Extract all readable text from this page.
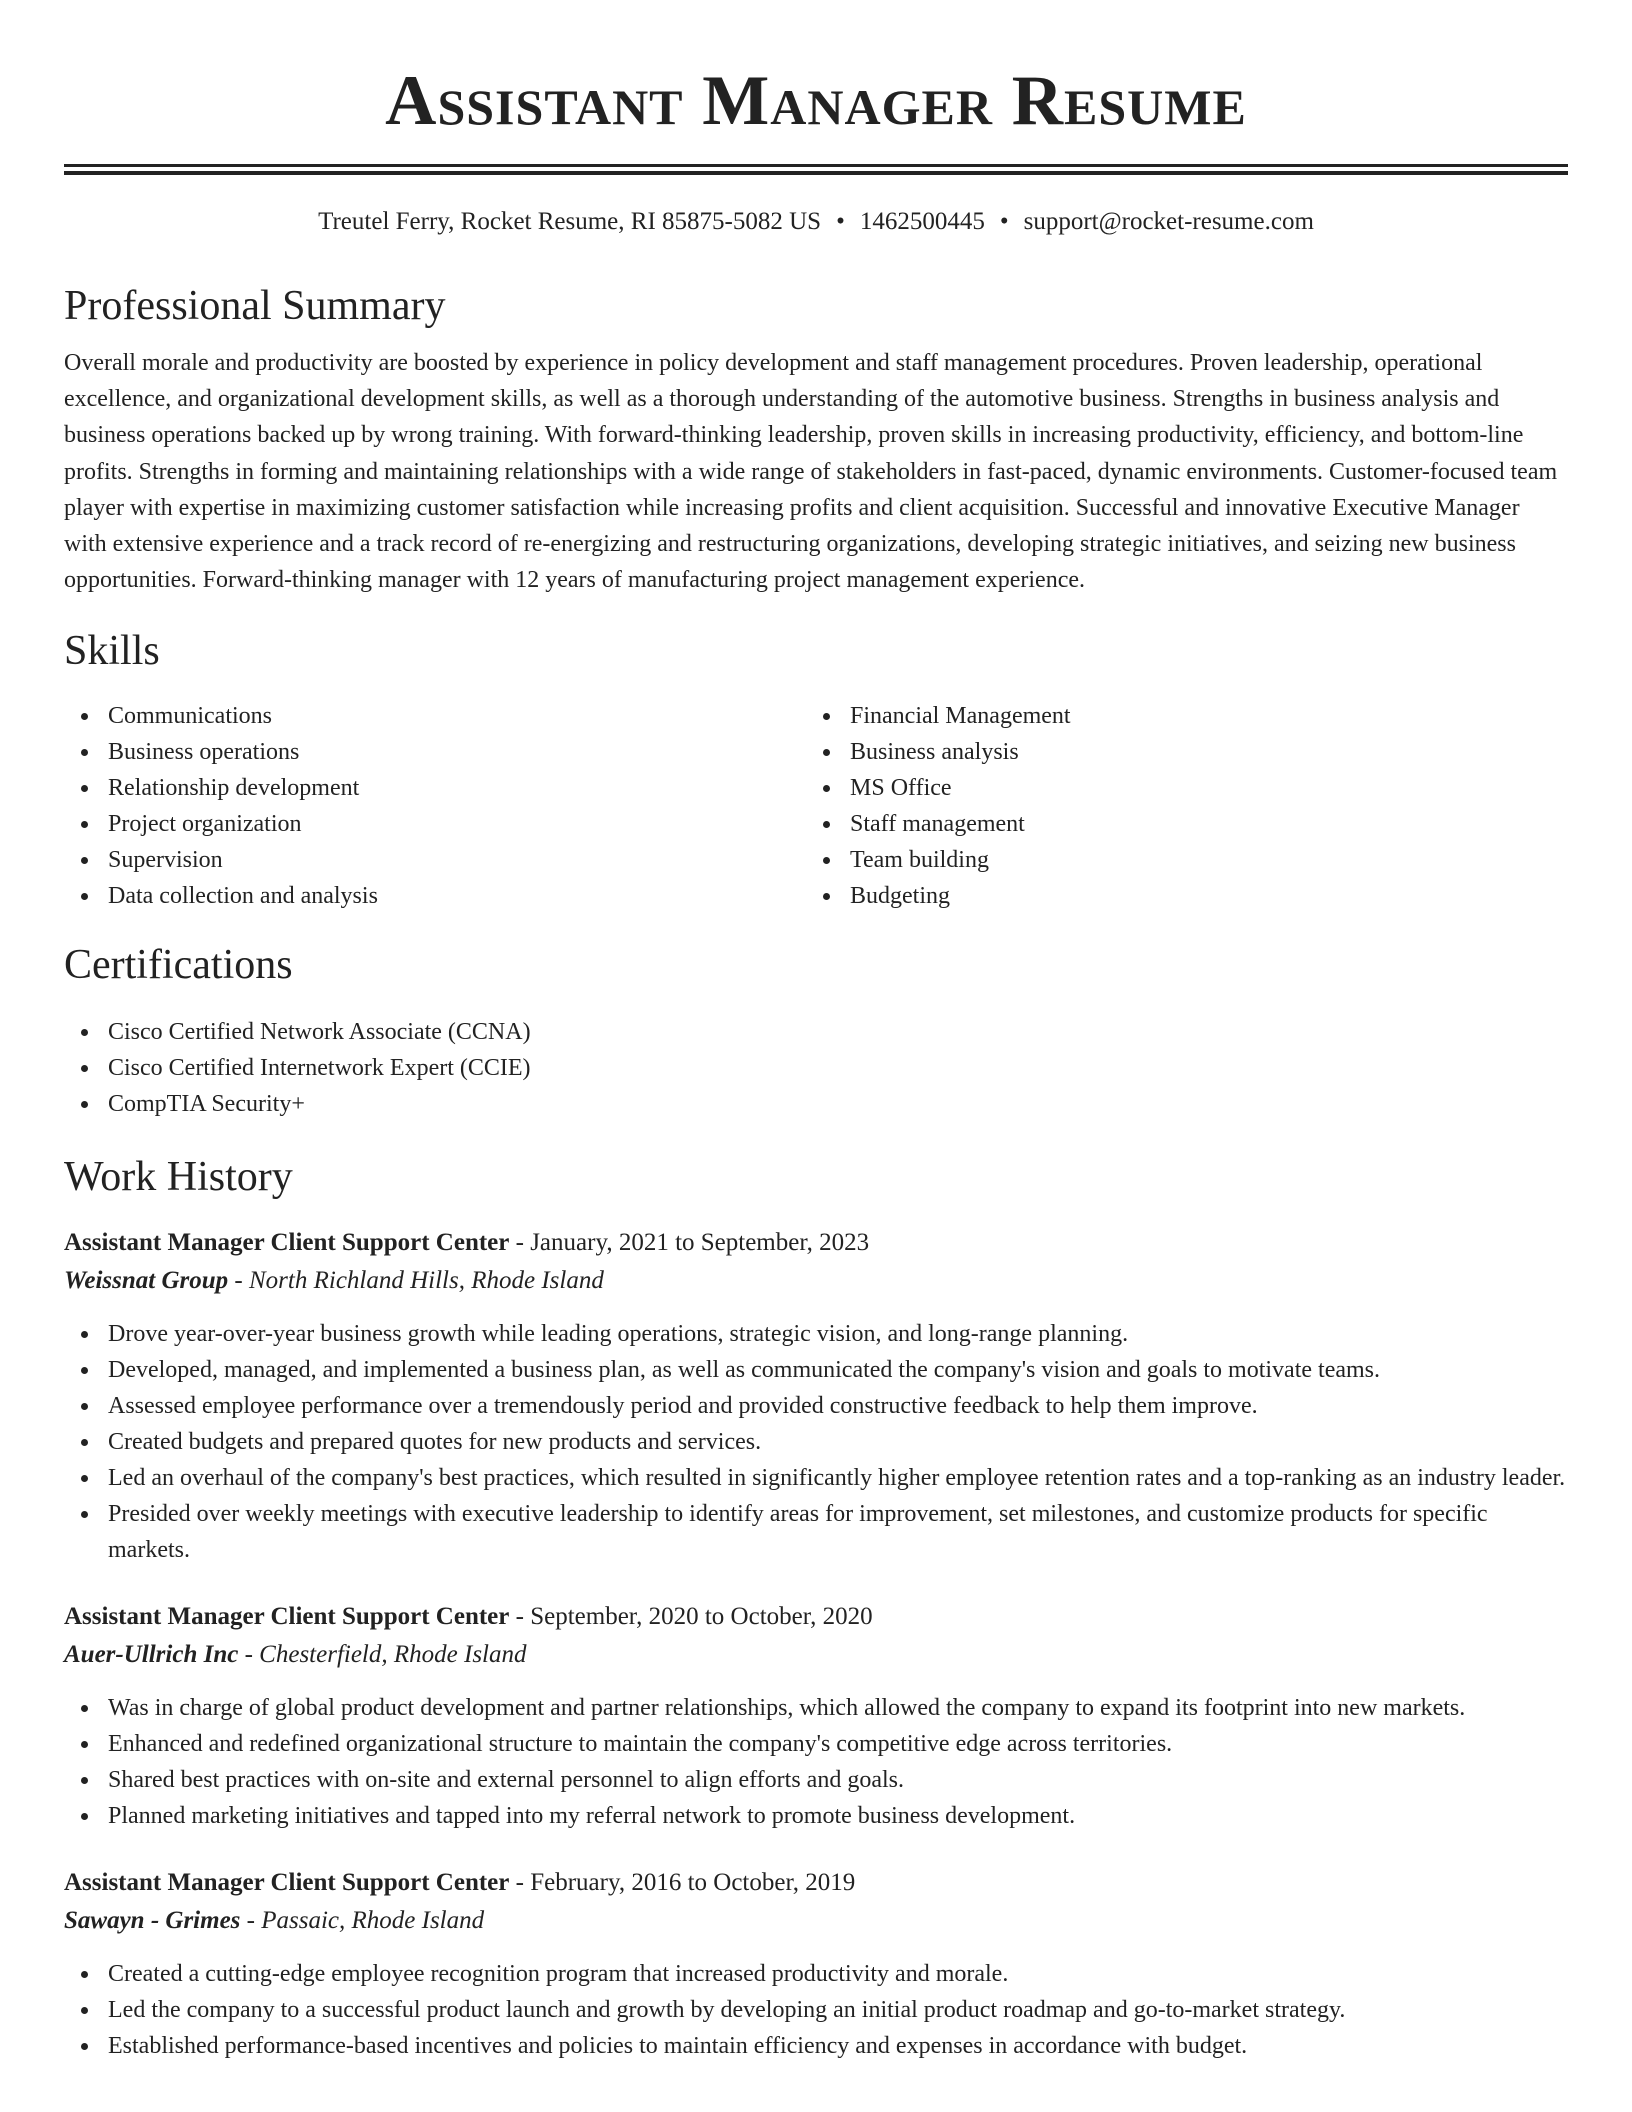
Assistant Manager Resume
Treutel Ferry, Rocket Resume, RI 85875-5082 US • 1462500445 • support@rocket-resume.com
Professional Summary

Overall morale and productivity are boosted by experience in policy development and staff management procedures. Proven leadership, operational excellence, and organizational development skills, as well as a thorough understanding of the automotive business. Strengths in business analysis and business operations backed up by wrong training. With forward-thinking leadership, proven skills in increasing productivity, efficiency, and bottom-line profits. Strengths in forming and maintaining relationships with a wide range of stakeholders in fast-paced, dynamic environments. Customer-focused team player with expertise in maximizing customer satisfaction while increasing profits and client acquisition. Successful and innovative Executive Manager with extensive experience and a track record of re-energizing and restructuring organizations, developing strategic initiatives, and seizing new business opportunities. Forward-thinking manager with 12 years of manufacturing project management experience.

Skills
Communications
Business operations
Relationship development
Project organization
Supervision
Data collection and analysis
Financial Management
Business analysis
MS Office
Staff management
Team building
Budgeting
Certifications
Cisco Certified Network Associate (CCNA)
Cisco Certified Internetwork Expert (CCIE)
CompTIA Security+
Work History
Assistant Manager Client Support Center - January, 2021 to September, 2023
Weissnat Group - North Richland Hills, Rhode Island
Drove year-over-year business growth while leading operations, strategic vision, and long-range planning.
Developed, managed, and implemented a business plan, as well as communicated the company's vision and goals to motivate teams.
Assessed employee performance over a tremendously period and provided constructive feedback to help them improve.
Created budgets and prepared quotes for new products and services.
Led an overhaul of the company's best practices, which resulted in significantly higher employee retention rates and a top-ranking as an industry leader.
Presided over weekly meetings with executive leadership to identify areas for improvement, set milestones, and customize products for specific markets.
Assistant Manager Client Support Center - September, 2020 to October, 2020
Auer-Ullrich Inc - Chesterfield, Rhode Island
Was in charge of global product development and partner relationships, which allowed the company to expand its footprint into new markets.
Enhanced and redefined organizational structure to maintain the company's competitive edge across territories.
Shared best practices with on-site and external personnel to align efforts and goals.
Planned marketing initiatives and tapped into my referral network to promote business development.
Assistant Manager Client Support Center - February, 2016 to October, 2019
Sawayn - Grimes - Passaic, Rhode Island
Created a cutting-edge employee recognition program that increased productivity and morale.
Led the company to a successful product launch and growth by developing an initial product roadmap and go-to-market strategy.
Established performance-based incentives and policies to maintain efficiency and expenses in accordance with budget.
